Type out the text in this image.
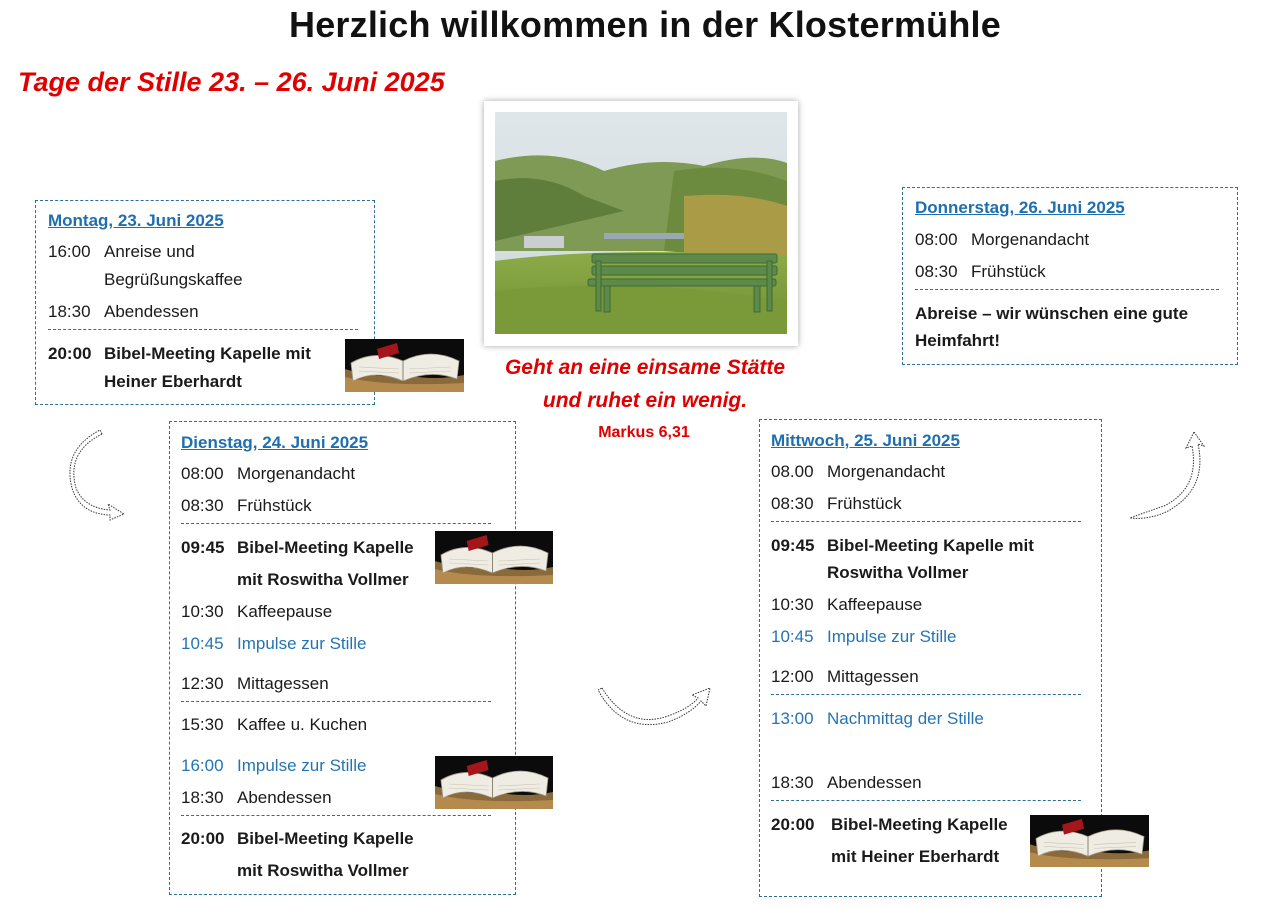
Herzlich willkommen in der Klostermühle
Tage der Stille 23. – 26. Juni 2025
Geht an eine einsame Stätte
und ruhet ein wenig.
Markus 6,31
Montag, 23. Juni 2025
16:00 Anreise und
Begrüßungskaffee
18:30 Abendessen
20:00 Bibel-Meeting Kapelle mit
Heiner Eberhardt
Dienstag, 24. Juni 2025
08:00 Morgenandacht
08:30 Frühstück
09:45 Bibel-Meeting Kapelle
mit Roswitha Vollmer
10:30 Kaffeepause
10:45 Impulse zur Stille
12:30 Mittagessen
15:30 Kaffee u. Kuchen
16:00 Impulse zur Stille
18:30 Abendessen
20:00 Bibel-Meeting Kapelle
mit Roswitha Vollmer
Mittwoch, 25. Juni 2025
08.00 Morgenandacht
08:30 Frühstück
09:45 Bibel-Meeting Kapelle mit
Roswitha Vollmer
10:30 Kaffeepause
10:45 Impulse zur Stille
12:00 Mittagessen
13:00 Nachmittag der Stille
18:30 Abendessen
20:00 Bibel-Meeting Kapelle
mit Heiner Eberhardt
Donnerstag, 26. Juni 2025
08:00 Morgenandacht
08:30 Frühstück
Abreise – wir wünschen eine gute
Heimfahrt!
